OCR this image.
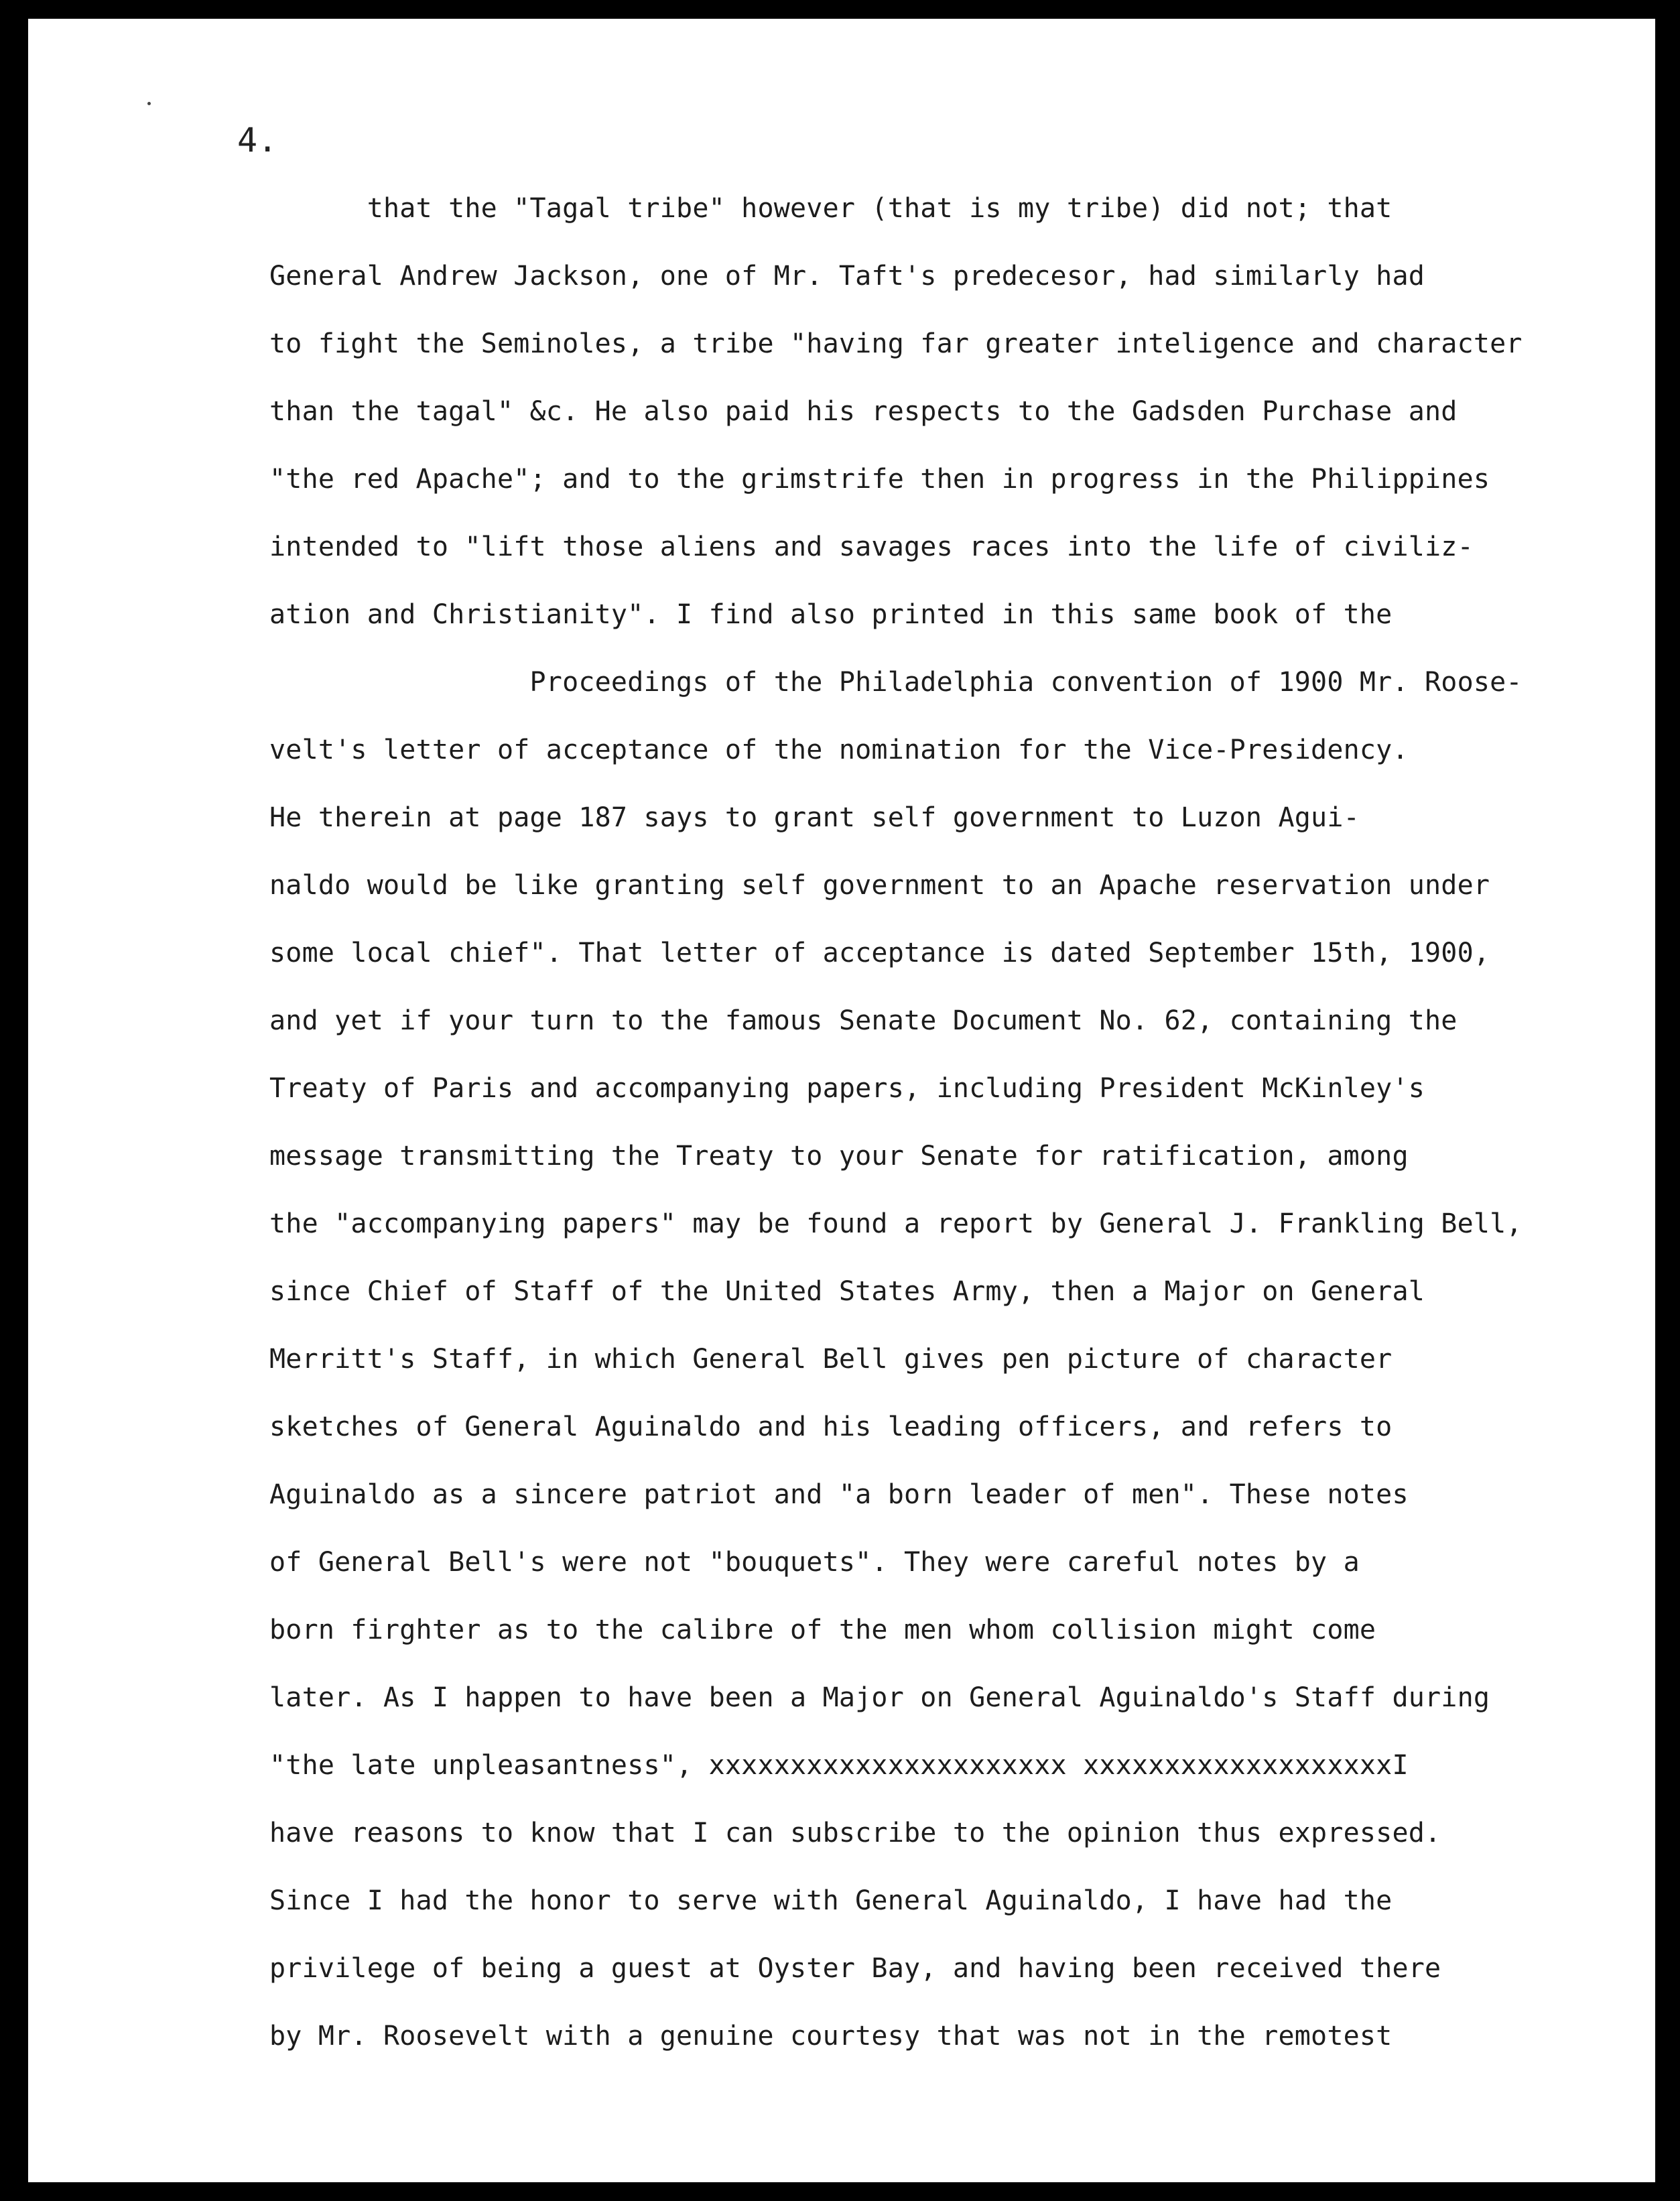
4.

that the "Tagal tribe" however (that is my tribe) did not; that

General Andrew Jackson, one of Mr. Taft's predecesor, had similarly had

to fight the Seminoles, a tribe "having far greater inteligence and character

than the tagal" &c. He also paid his respects to the Gadsden Purchase and

"the red Apache"; and to the grimstrife then in progress in the Philippines

intended to "lift those aliens and savages races into the life of civiliz-

ation and Christianity". I find also printed in this same book of the

Proceedings of the Philadelphia convention of 1900 Mr. Roose-

velt's letter of acceptance of the nomination for the Vice-Presidency.

He therein at page 187 says to grant self government to Luzon Agui-

naldo would be like granting self government to an Apache reservation under

some local chief". That letter of acceptance is dated September 15th, 1900,

and yet if your turn to the famous Senate Document No. 62, containing the

Treaty of Paris and accompanying papers, including President McKinley's

message transmitting the Treaty to your Senate for ratification, among

the "accompanying papers" may be found a report by General J. Frankling Bell,

since Chief of Staff of the United States Army, then a Major on General

Merritt's Staff, in which General Bell gives pen picture of character

sketches of General Aguinaldo and his leading officers, and refers to

Aguinaldo as a sincere patriot and "a born leader of men". These notes

of General Bell's were not "bouquets". They were careful notes by a

born firghter as to the calibre of the men whom collision might come

later. As I happen to have been a Major on General Aguinaldo's Staff during

"the late unpleasantness", xxxxxxxxxxxxxxxxxxxxxx xxxxxxxxxxxxxxxxxxxI

have reasons to know that I can subscribe to the opinion thus expressed.

Since I had the honor to serve with General Aguinaldo, I have had the

privilege of being a guest at Oyster Bay, and having been received there

by Mr. Roosevelt with a genuine courtesy that was not in the remotest
